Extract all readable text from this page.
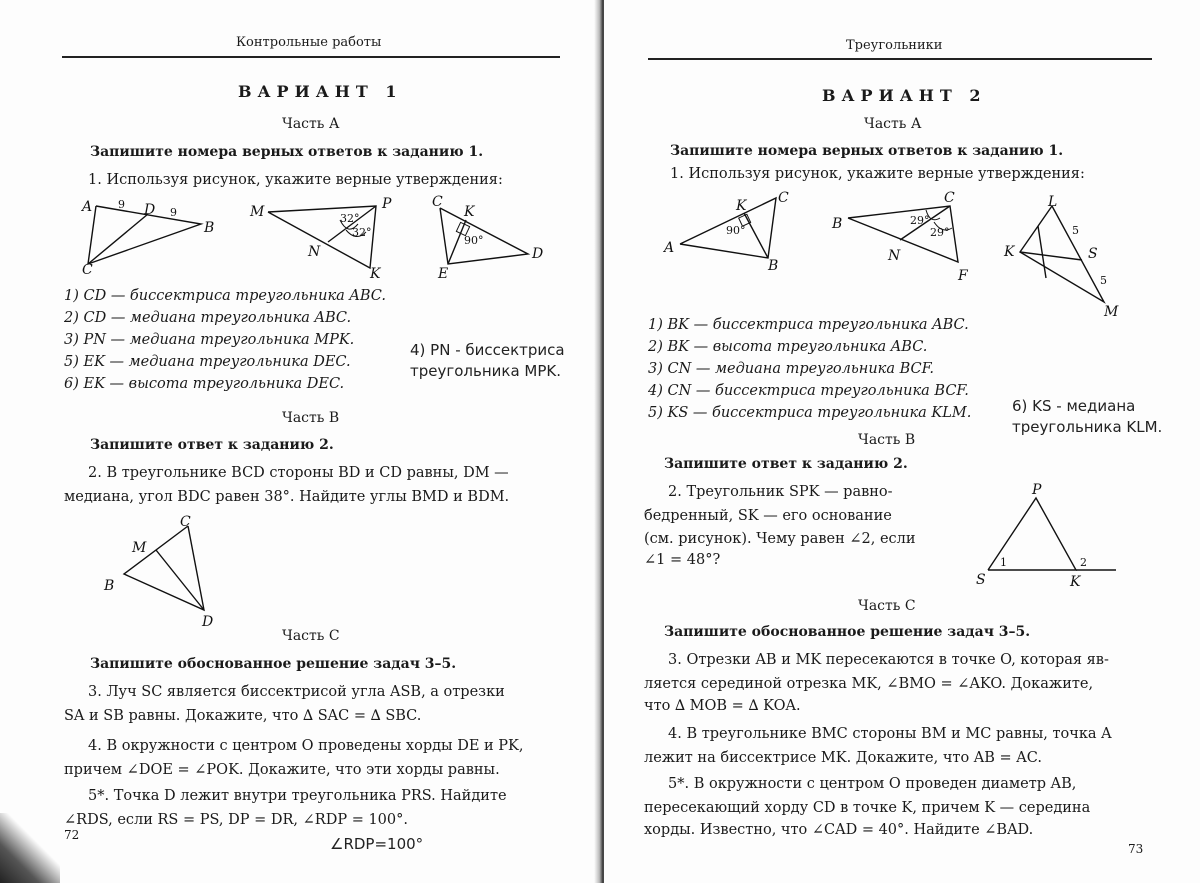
Контрольные работы
ВАРИАНТ 1
Часть А
Запишите номера верных ответов к заданию 1.
1. Используя рисунок, укажите верные утверждения:
A 9 D 9
B
C
M	P
32°
32°
N
K
C
K
90°
D
E
1) CD — биссектриса треугольника ABC.
2) CD — медиана треугольника ABC.
3) PN — медиана треугольника MPK.
5) EK — медиана треугольника DEC.
6) EK — высота треугольника DEC.
4) PN - биссектриса треугольника MPK.
Часть В
Запишите ответ к заданию 2.
2. В треугольнике BCD стороны BD и CD равны, DM —
медиана, угол BDC равен 38°. Найдите углы BMD и BDM.
C
M
B
D
Часть С
Запишите обоснованное решение задач 3–5.
3. Луч SC является биссектрисой угла ASB, а отрезки
SA и SB равны. Докажите, что ∆ SAC = ∆ SBC.
4. В окружности с центром O проведены хорды DE и PK,
причем ∠DOE = ∠POK. Докажите, что эти хорды равны.
5*. Точка D лежит внутри треугольника PRS. Найдите
∠RDS, если RS = PS, DP = DR, ∠RDP = 100°.
72	∠RDP=100°
Треугольники
ВАРИАНТ 2
Часть А
Запишите номера верных ответов к заданию 1.
1. Используя рисунок, укажите верные утверждения:
A
K C
90°
B
B
C
29°
29°
N
F
L
5
K	S
5
M
1) BK — биссектриса треугольника ABC.
2) BK — высота треугольника ABC.
3) CN — медиана треугольника BCF.
4) CN — биссектриса треугольника BCF.
5) KS — биссектриса треугольника KLM.	6) KS - медиана треугольника KLM.
Часть В
Запишите ответ к заданию 2.
2. Треугольник SPK — равно-
бедренный, SK — его основание
(см. рисунок). Чему равен ∠2, если
∠1 = 48°?
P
1	2
S	K
Часть С
Запишите обоснованное решение задач 3–5.
3. Отрезки AB и MK пересекаются в точке O, которая яв-
ляется серединой отрезка MK, ∠BMO = ∠AKO. Докажите,
что ∆ MOB = ∆ KOA.
4. В треугольнике BMC стороны BM и MC равны, точка A
лежит на биссектрисе MK. Докажите, что AB = AC.
5*. В окружности с центром O проведен диаметр AB,
пересекающий хорду CD в точке K, причем K — середина
хорды. Известно, что ∠CAD = 40°. Найдите ∠BAD.
73
